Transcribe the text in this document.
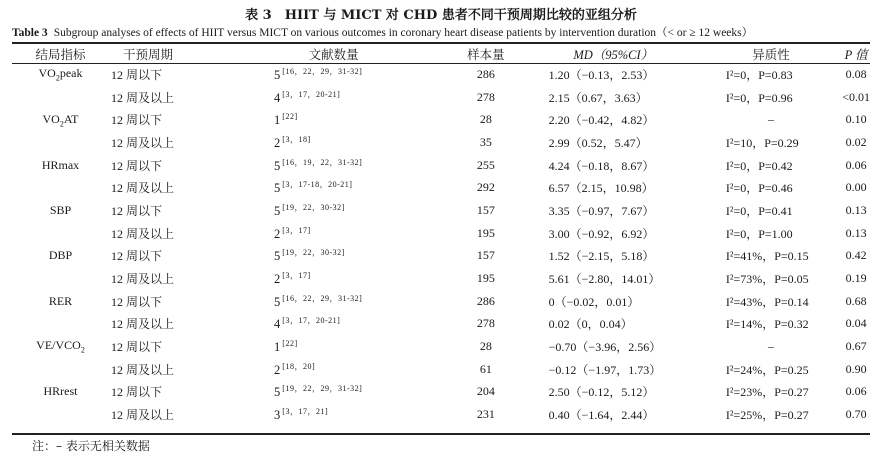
表 3　HIIT 与 MICT 对 CHD 患者不同干预周期比较的亚组分析
Table 3 Subgroup analyses of effects of HIIT versus MICT on various outcomes in coronary heart disease patients by intervention duration（< or ≥ 12 weeks）
结局指标	干预周期	文献数量	样本量	MD（95%CI）	异质性	P 值
$VO_2peak$	12 周以下	5 [16，22，29，31-32]	286	1.20（−0.13，2.53）	I²=0，P=0.83	0.08
	12 周及以上	4 [3，17，20-21]	278	2.15（0.67，3.63）	I²=0，P=0.96	<0.01
$VO_2AT$	12 周以下	1 [22]	28	2.20（−0.42，4.82）	–	0.10
	12 周及以上	2 [3，18]	35	2.99（0.52，5.47）	I²=10，P=0.29	0.02
HRmax	12 周以下	5 [16，19，22，31-32]	255	4.24（−0.18，8.67）	I²=0，P=0.42	0.06
	12 周及以上	5 [3，17-18，20-21]	292	6.57（2.15，10.98）	I²=0，P=0.46	0.00
SBP	12 周以下	5 [19，22，30-32]	157	3.35（−0.97，7.67）	I²=0，P=0.41	0.13
	12 周及以上	2 [3，17]	195	3.00（−0.92，6.92）	I²=0，P=1.00	0.13
DBP	12 周以下	5 [19，22，30-32]	157	1.52（−2.15，5.18）	I²=41%，P=0.15	0.42
	12 周及以上	2 [3，17]	195	5.61（−2.80，14.01）	I²=73%，P=0.05	0.19
RER	12 周以下	5 [16，22，29，31-32]	286	0（−0.02，0.01）	I²=43%，P=0.14	0.68
	12 周及以上	4 [3，17，20-21]	278	0.02（0，0.04）	I²=14%，P=0.32	0.04
$VE/VCO_2$	12 周以下	1 [22]	28	−0.70（−3.96，2.56）	–	0.67
	12 周及以上	2 [18，20]	61	−0.12（−1.97，1.73）	I²=24%，P=0.25	0.90
HRrest	12 周以下	5 [19，22，29，31-32]	204	2.50（−0.12，5.12）	I²=23%，P=0.27	0.06
	12 周及以上	3 [3，17，21]	231	0.40（−1.64，2.44）	I²=25%，P=0.27	0.70
注：– 表示无相关数据
